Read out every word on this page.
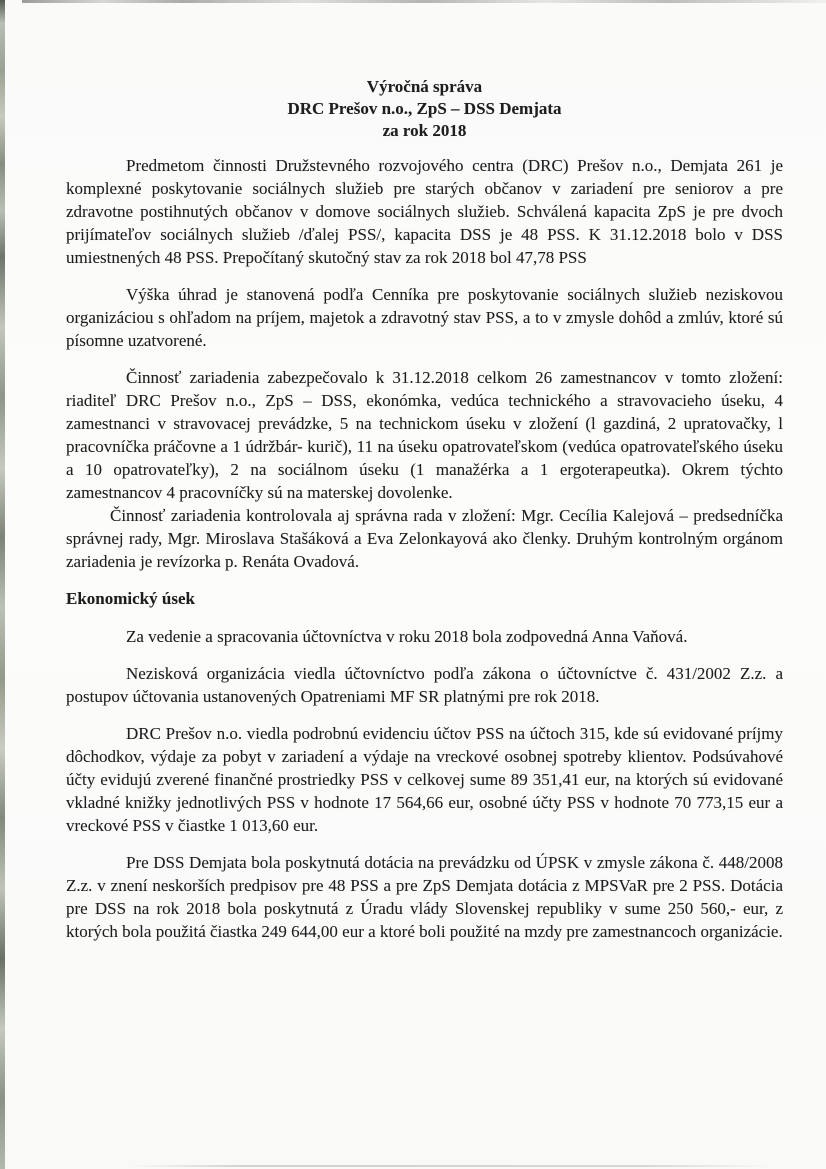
Výročná správa
DRC Prešov n.o., ZpS – DSS Demjata
za rok 2018

Predmetom činnosti Družstevného rozvojového centra (DRC) Prešov n.o., Demjata 261 je komplexné poskytovanie sociálnych služieb pre starých občanov v zariadení pre seniorov a pre zdravotne postihnutých občanov v domove sociálnych služieb. Schválená kapacita ZpS je pre dvoch prijímateľov sociálnych služieb /ďalej PSS/, kapacita DSS je 48 PSS. K 31.12.2018 bolo v DSS umiestnených 48 PSS. Prepočítaný skutočný stav za rok 2018 bol 47,78 PSS

Výška úhrad je stanovená podľa Cenníka pre poskytovanie sociálnych služieb neziskovou organizáciou s ohľadom na príjem, majetok a zdravotný stav PSS, a to v zmysle dohôd a zmlúv, ktoré sú písomne uzatvorené.

Činnosť zariadenia zabezpečovalo k 31.12.2018 celkom 26 zamestnancov v tomto zložení: riaditeľ DRC Prešov n.o., ZpS – DSS, ekonómka, vedúca technického a stravovacieho úseku, 4 zamestnanci v stravovacej prevádzke, 5 na technickom úseku v zložení (l gazdiná, 2 upratovačky, l pracovníčka práčovne a 1 údržbár- kurič), 11 na úseku opatrovateľskom (vedúca opatrovateľského úseku a 10 opatrovateľky), 2 na sociálnom úseku (1 manažérka a 1 ergoterapeutka). Okrem týchto zamestnancov 4 pracovníčky sú na materskej dovolenke.

Činnosť zariadenia kontrolovala aj správna rada v zložení: Mgr. Cecília Kalejová – predsedníčka správnej rady, Mgr. Miroslava Stašáková a Eva Zelonkayová ako členky. Druhým kontrolným orgánom zariadenia je revízorka p. Renáta Ovadová.

Ekonomický úsek

Za vedenie a spracovania účtovníctva v roku 2018 bola zodpovedná Anna Vaňová.

Nezisková organizácia viedla účtovníctvo podľa zákona o účtovníctve č. 431/2002 Z.z. a postupov účtovania ustanovených Opatreniami MF SR platnými pre rok 2018.

DRC Prešov n.o. viedla podrobnú evidenciu účtov PSS na účtoch 315, kde sú evidované príjmy dôchodkov, výdaje za pobyt v zariadení a výdaje na vreckové osobnej spotreby klientov. Podsúvahové účty evidujú zverené finančné prostriedky PSS v celkovej sume 89 351,41 eur, na ktorých sú evidované vkladné knižky jednotlivých PSS v hodnote 17 564,66 eur, osobné účty PSS v hodnote 70 773,15 eur a vreckové PSS v čiastke 1 013,60 eur.

Pre DSS Demjata bola poskytnutá dotácia na prevádzku od ÚPSK v zmysle zákona č. 448/2008 Z.z. v znení neskorších predpisov pre 48 PSS a pre ZpS Demjata dotácia z MPSVaR pre 2 PSS. Dotácia pre DSS na rok 2018 bola poskytnutá z Úradu vlády Slovenskej republiky v sume 250 560,- eur, z ktorých bola použitá čiastka 249 644,00 eur a ktoré boli použité na mzdy pre zamestnancoch organizácie.
